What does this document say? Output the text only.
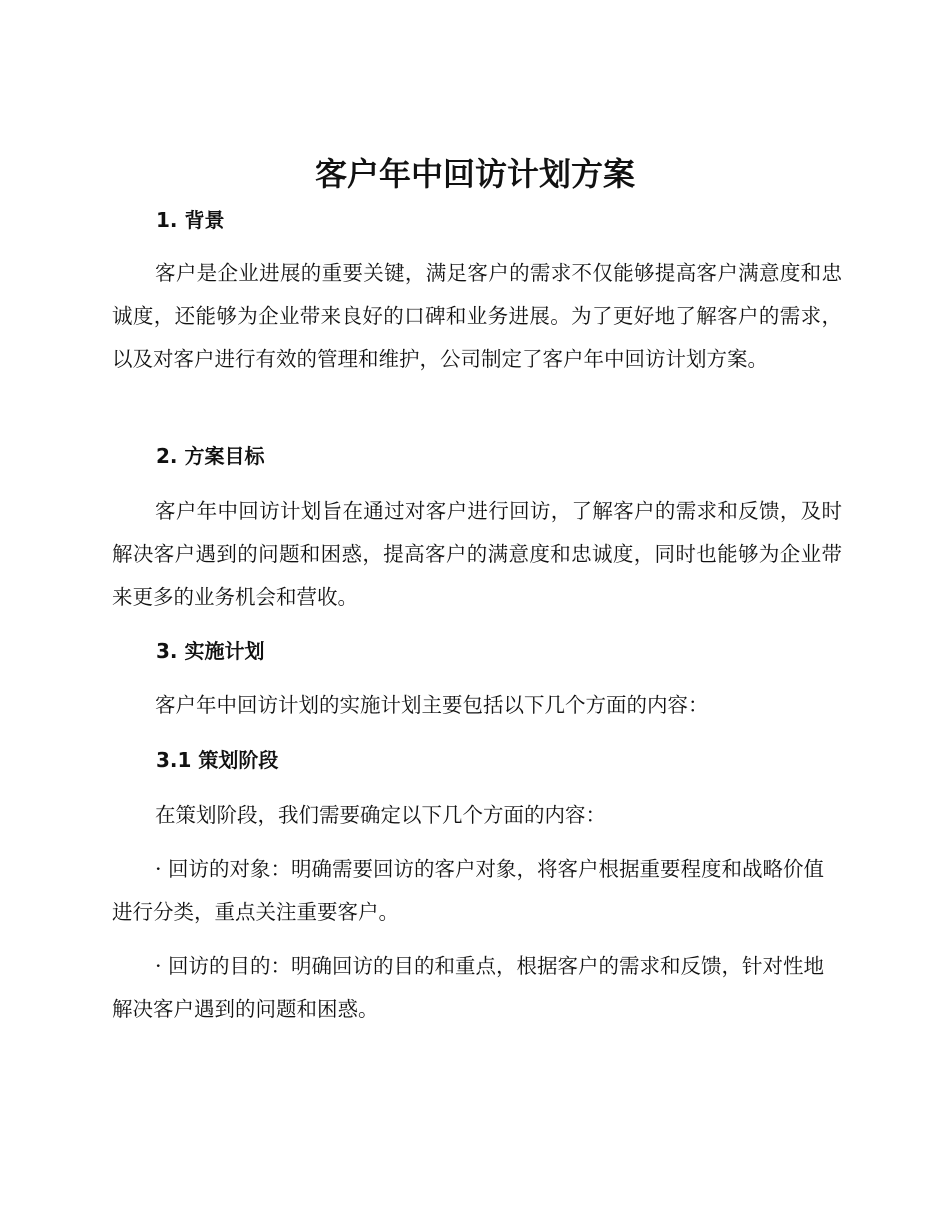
客户年中回访计划方案
1. 背景

客户是企业进展的重要关键，满足客户的需求不仅能够提高客户满意度和忠诚度，还能够为企业带来良好的口碑和业务进展。为了更好地了解客户的需求，以及对客户进行有效的管理和维护，公司制定了客户年中回访计划方案。

2. 方案目标

客户年中回访计划旨在通过对客户进行回访，了解客户的需求和反馈，及时解决客户遇到的问题和困惑，提高客户的满意度和忠诚度，同时也能够为企业带来更多的业务机会和营收。

3. 实施计划

客户年中回访计划的实施计划主要包括以下几个方面的内容：

3.1 策划阶段

在策划阶段，我们需要确定以下几个方面的内容：

· 回访的对象：明确需要回访的客户对象，将客户根据重要程度和战略价值进行分类，重点关注重要客户。

· 回访的目的：明确回访的目的和重点，根据客户的需求和反馈，针对性地解决客户遇到的问题和困惑。
